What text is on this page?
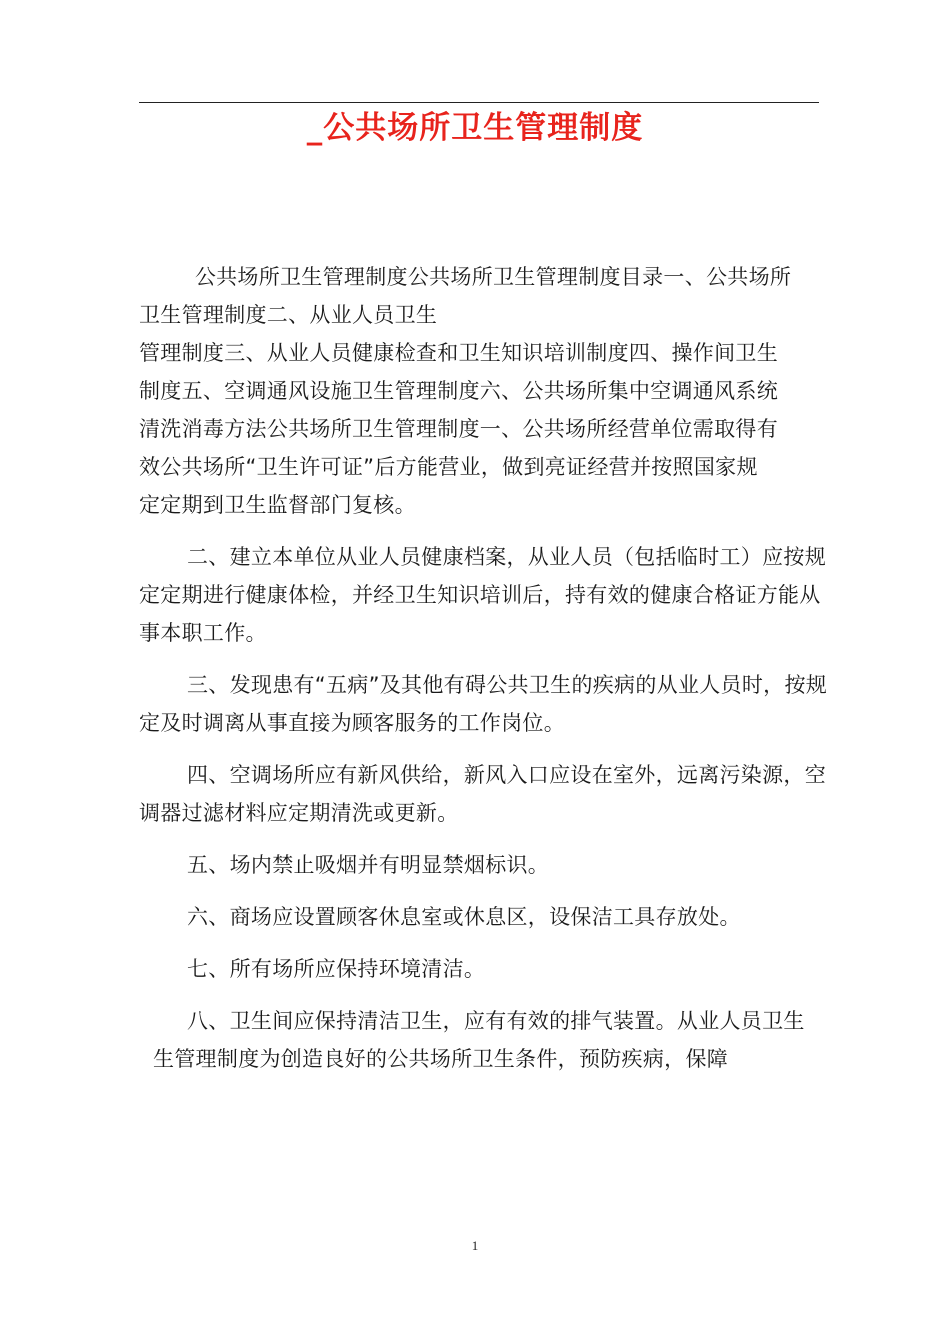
_公共场所卫生管理制度

公共场所卫生管理制度公共场所卫生管理制度目录一、公共场所

卫生管理制度二、从业人员卫生

管理制度三、从业人员健康检查和卫生知识培训制度四、操作间卫生

制度五、空调通风设施卫生管理制度六、公共场所集中空调通风系统

清洗消毒方法公共场所卫生管理制度一、公共场所经营单位需取得有

效公共场所“卫生许可证”后方能营业，做到亮证经营并按照国家规

定定期到卫生监督部门复核。

二、建立本单位从业人员健康档案，从业人员（包括临时工）应按规定定期进行健康体检，并经卫生知识培训后，持有效的健康合格证方能从事本职工作。

三、发现患有“五病”及其他有碍公共卫生的疾病的从业人员时，按规定及时调离从事直接为顾客服务的工作岗位。

四、空调场所应有新风供给，新风入口应设在室外，远离污染源，空调器过滤材料应定期清洗或更新。

五、场内禁止吸烟并有明显禁烟标识。

六、商场应设置顾客休息室或休息区，设保洁工具存放处。

七、所有场所应保持环境清洁。

八、卫生间应保持清洁卫生，应有有效的排气装置。从业人员卫生

生管理制度为创造良好的公共场所卫生条件，预防疾病，保障

1
